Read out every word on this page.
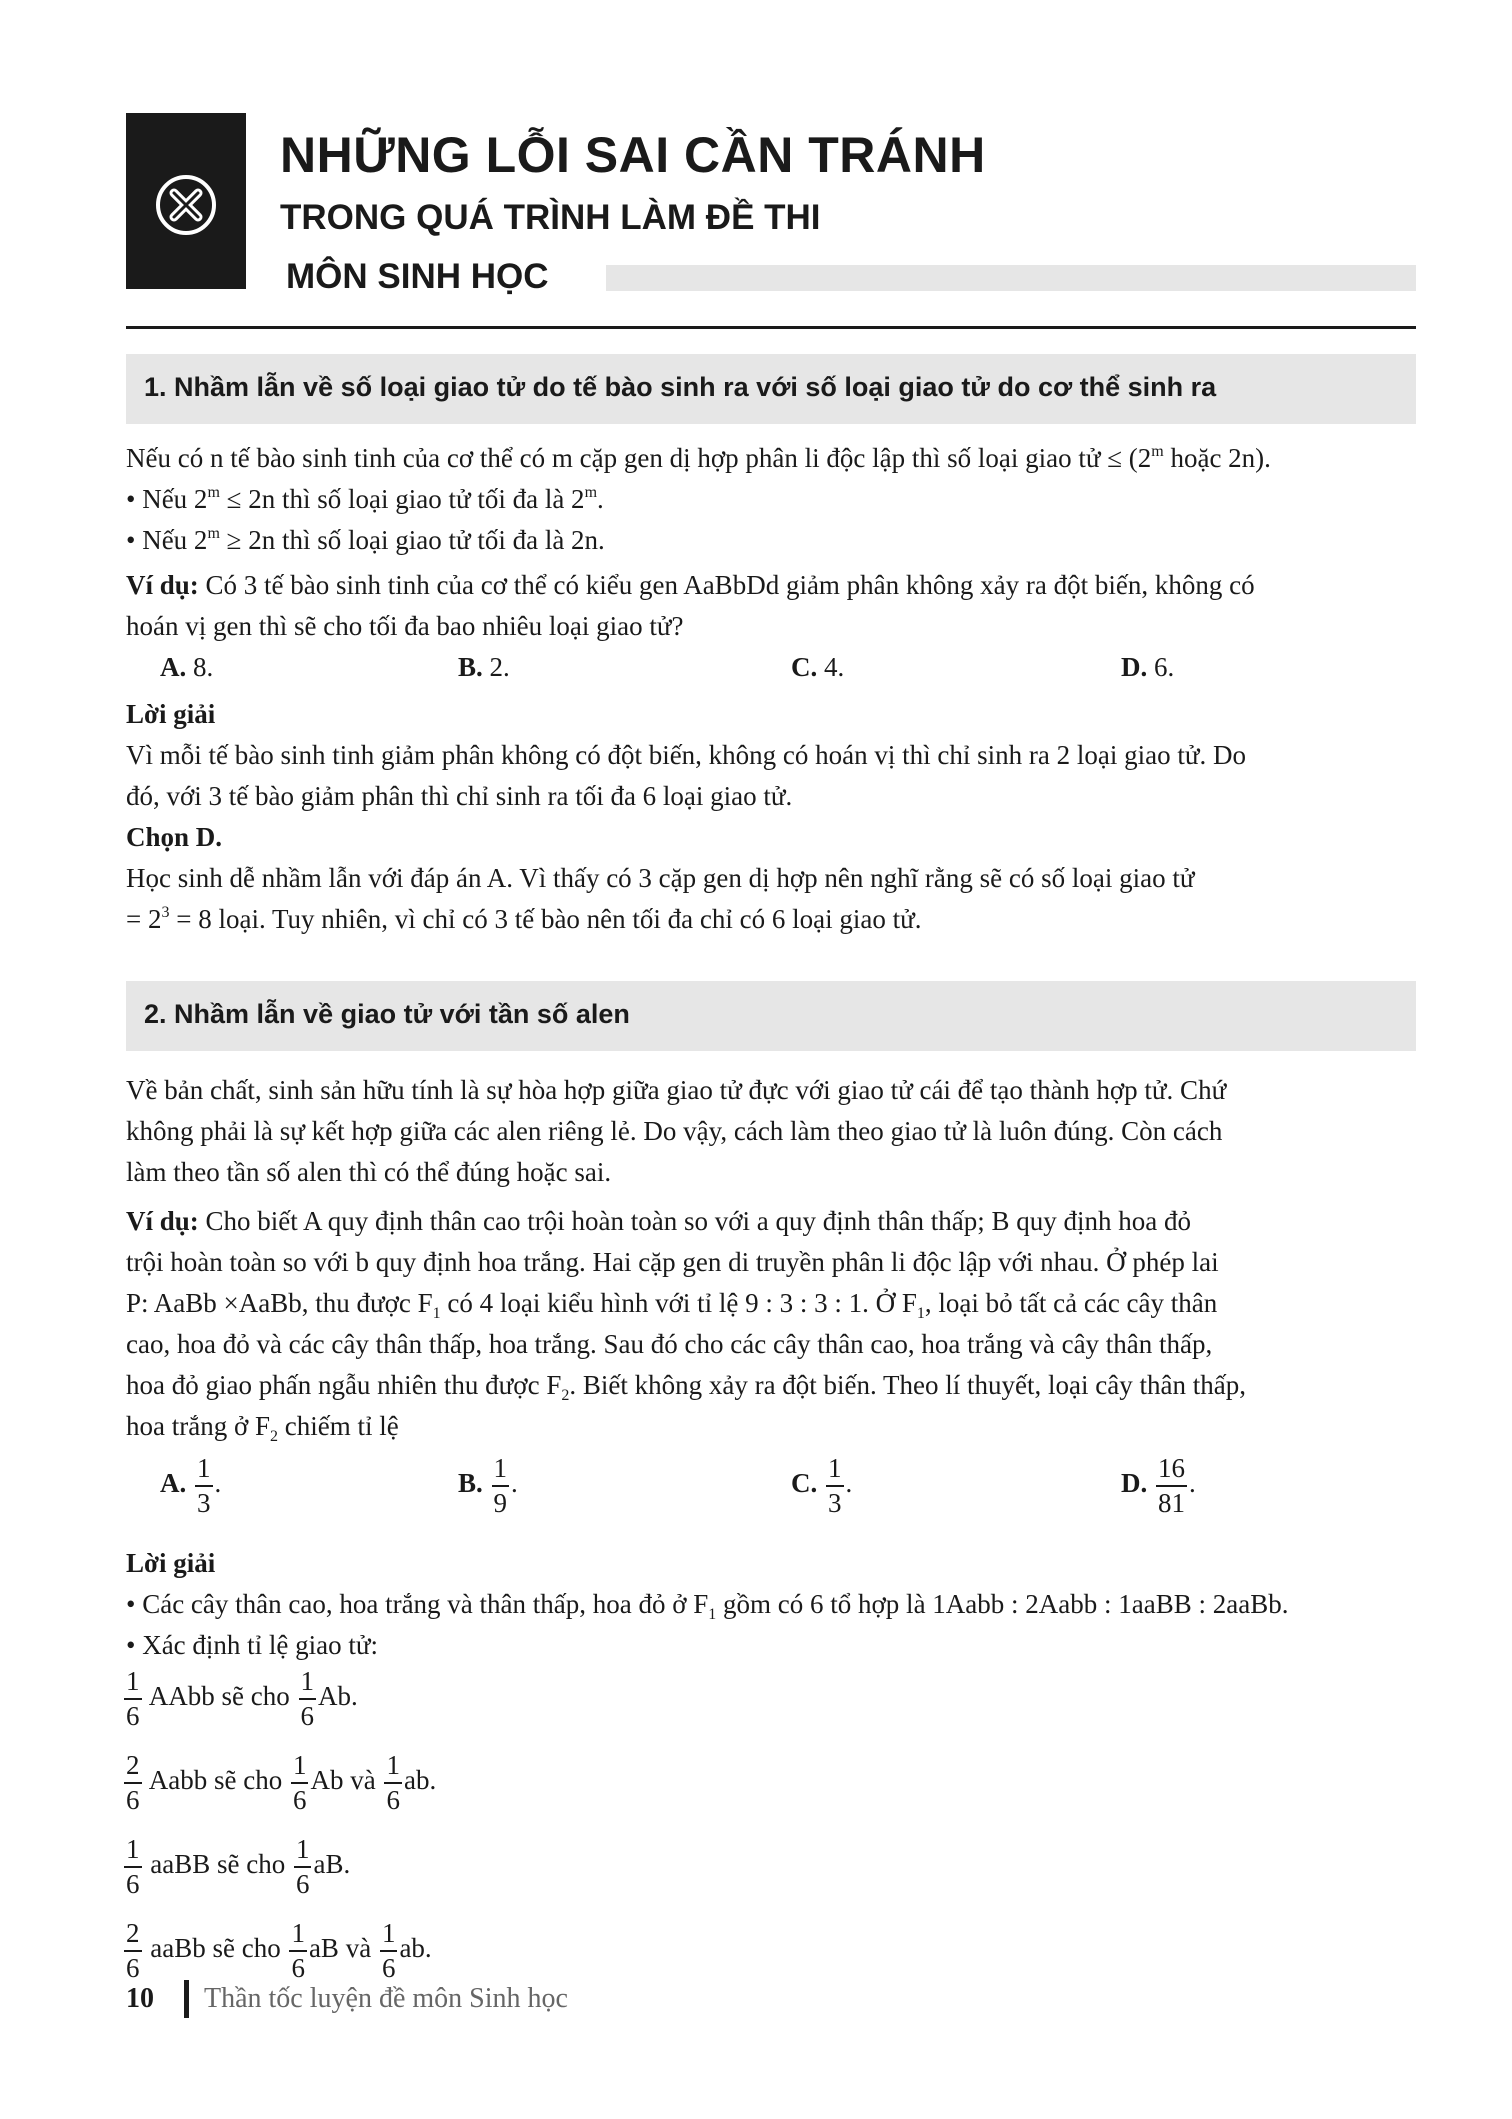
NHỮNG LỖI SAI CẦN TRÁNH
TRONG QUÁ TRÌNH LÀM ĐỀ THI
MÔN SINH HỌC
1. Nhầm lẫn về số loại giao tử do tế bào sinh ra với số loại giao tử do cơ thể sinh ra
Nếu có n tế bào sinh tinh của cơ thể có m cặp gen dị hợp phân li độc lập thì số loại giao tử ≤ ($2^m$ hoặc 2n).
• Nếu $2^m \le 2n$ thì số loại giao tử tối đa là 2$^m$.
• Nếu $2^m \ge 2n$ thì số loại giao tử tối đa là 2n.
Ví dụ: Có 3 tế bào sinh tinh của cơ thể có kiểu gen AaBbDd giảm phân không xảy ra đột biến, không có
hoán vị gen thì sẽ cho tối đa bao nhiêu loại giao tử?
A. 8.	B. 2.	C. 4.	D. 6.
Lời giải
Vì mỗi tế bào sinh tinh giảm phân không có đột biến, không có hoán vị thì chỉ sinh ra 2 loại giao tử. Do
đó, với 3 tế bào giảm phân thì chỉ sinh ra tối đa 6 loại giao tử.
Chọn D.
Học sinh dễ nhầm lẫn với đáp án A. Vì thấy có 3 cặp gen dị hợp nên nghĩ rằng sẽ có số loại giao tử
= $2^3 = 8$ loại. Tuy nhiên, vì chỉ có 3 tế bào nên tối đa chỉ có 6 loại giao tử.
2. Nhầm lẫn về giao tử với tần số alen
Về bản chất, sinh sản hữu tính là sự hòa hợp giữa giao tử đực với giao tử cái để tạo thành hợp tử. Chứ
không phải là sự kết hợp giữa các alen riêng lẻ. Do vậy, cách làm theo giao tử là luôn đúng. Còn cách
làm theo tần số alen thì có thể đúng hoặc sai.
Ví dụ: Cho biết A quy định thân cao trội hoàn toàn so với a quy định thân thấp; B quy định hoa đỏ
trội hoàn toàn so với b quy định hoa trắng. Hai cặp gen di truyền phân li độc lập với nhau. Ở phép lai
P: AaBb ×AaBb, thu được $F_1$ có 4 loại kiểu hình với tỉ lệ 9 : 3 : 3 : 1. Ở $F_1$, loại bỏ tất cả các cây thân
cao, hoa đỏ và các cây thân thấp, hoa trắng. Sau đó cho các cây thân cao, hoa trắng và cây thân thấp,
hoa đỏ giao phấn ngẫu nhiên thu được $F_2$. Biết không xảy ra đột biến. Theo lí thuyết, loại cây thân thấp,
hoa trắng ở $F_2$ chiếm tỉ lệ
A. $\frac{1}{3}$ .	B. $\frac{1}{9}$ .	C. $\frac{1}{3}$ .	D. $\frac{16}{81}$ .
Lời giải
• Các cây thân cao, hoa trắng và thân thấp, hoa đỏ ở $F_1$ gồm có 6 tổ hợp là 1Aabb : 2Aabb : 1aaBB : 2aaBb.
• Xác định tỉ lệ giao tử:
$\frac{1}{6}$ AAbb sẽ cho $\frac{1}{6} Ab$.
$\frac{2}{6}$ Aabb sẽ cho $\frac{1}{6}$ Ab và $\frac{1}{6}$ ab.
$\frac{1}{6}$ aaBB sẽ cho $\frac{1}{6}$ aB.
$\frac{2}{6}$ aaBb sẽ cho $\frac{1}{6}$ aB và $\frac{1}{6}$ ab.
10 Thần tốc luyện đề môn Sinh học
